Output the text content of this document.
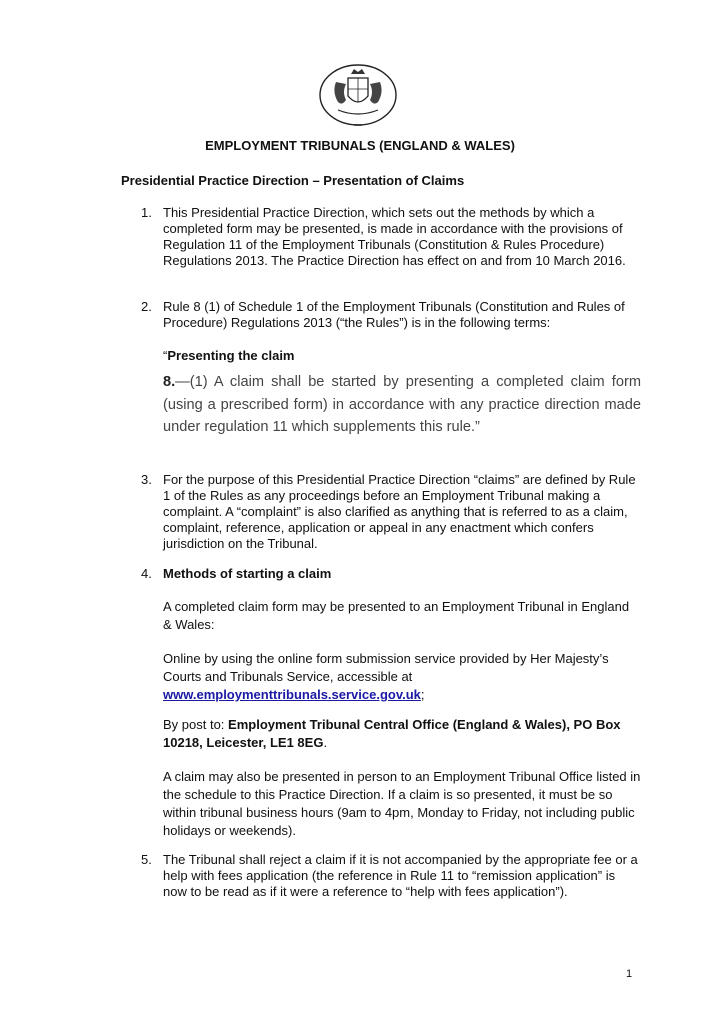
EMPLOYMENT TRIBUNALS (ENGLAND & WALES)
Presidential Practice Direction – Presentation of Claims
1. This Presidential Practice Direction, which sets out the methods by which a completed form may be presented, is made in accordance with the provisions of Regulation 11 of the Employment Tribunals (Constitution & Rules Procedure) Regulations 2013. The Practice Direction has effect on and from 10 March 2016.
2. Rule 8 (1) of Schedule 1 of the Employment Tribunals (Constitution and Rules of Procedure) Regulations 2013 (“the Rules”) is in the following terms:
“Presenting the claim
8.—(1) A claim shall be started by presenting a completed claim form (using a prescribed form) in accordance with any practice direction made under regulation 11 which supplements this rule.”
3. For the purpose of this Presidential Practice Direction “claims” are defined by Rule 1 of the Rules as any proceedings before an Employment Tribunal making a complaint. A “complaint” is also clarified as anything that is referred to as a claim, complaint, reference, application or appeal in any enactment which confers jurisdiction on the Tribunal.
4. Methods of starting a claim
A completed claim form may be presented to an Employment Tribunal in England & Wales:
Online by using the online form submission service provided by Her Majesty’s Courts and Tribunals Service, accessible at www.employmenttribunals.service.gov.uk;
By post to: Employment Tribunal Central Office (England & Wales), PO Box 10218, Leicester, LE1 8EG.
A claim may also be presented in person to an Employment Tribunal Office listed in the schedule to this Practice Direction. If a claim is so presented, it must be so within tribunal business hours (9am to 4pm, Monday to Friday, not including public holidays or weekends).
5. The Tribunal shall reject a claim if it is not accompanied by the appropriate fee or a help with fees application (the reference in Rule 11 to “remission application” is now to be read as if it were a reference to “help with fees application”).
1
